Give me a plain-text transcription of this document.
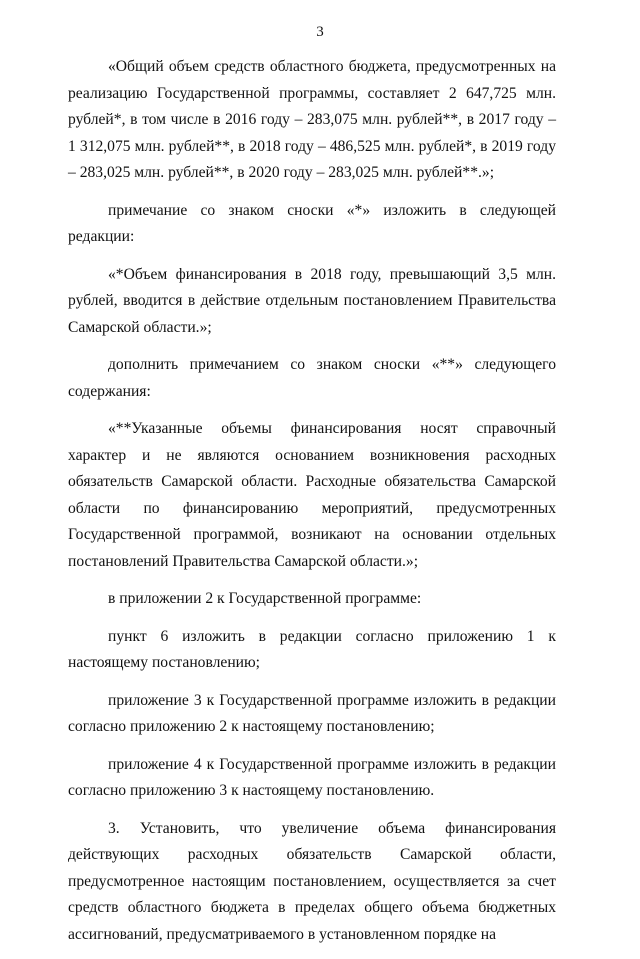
3

«Общий объем средств областного бюджета, предусмотренных на реализацию Государственной программы, составляет 2 647,725 млн. рублей*, в том числе в 2016 году – 283,075 млн. рублей**, в 2017 году – 1 312,075 млн. рублей**, в 2018 году – 486,525 млн. рублей*, в 2019 году – 283,025 млн. рублей**, в 2020 году – 283,025 млн. рублей**.»;

примечание со знаком сноски «*» изложить в следующей редакции:

«*Объем финансирования в 2018 году, превышающий 3,5 млн. рублей, вводится в действие отдельным постановлением Правительства Самарской области.»;

дополнить примечанием со знаком сноски «**» следующего содержания:

«**Указанные объемы финансирования носят справочный характер и не являются основанием возникновения расходных обязательств Самарской области. Расходные обязательства Самарской области по финансированию мероприятий, предусмотренных Государственной программой, возникают на основании отдельных постановлений Правительства Самарской области.»;

в приложении 2 к Государственной программе:

пункт 6 изложить в редакции согласно приложению 1 к настоящему постановлению;

приложение 3 к Государственной программе изложить в редакции согласно приложению 2 к настоящему постановлению;

приложение 4 к Государственной программе изложить в редакции согласно приложению 3 к настоящему постановлению.

3. Установить, что увеличение объема финансирования действующих расходных обязательств Самарской области, предусмотренное настоящим постановлением, осуществляется за счет средств областного бюджета в пределах общего объема бюджетных ассигнований, предусматриваемого в установленном порядке на
